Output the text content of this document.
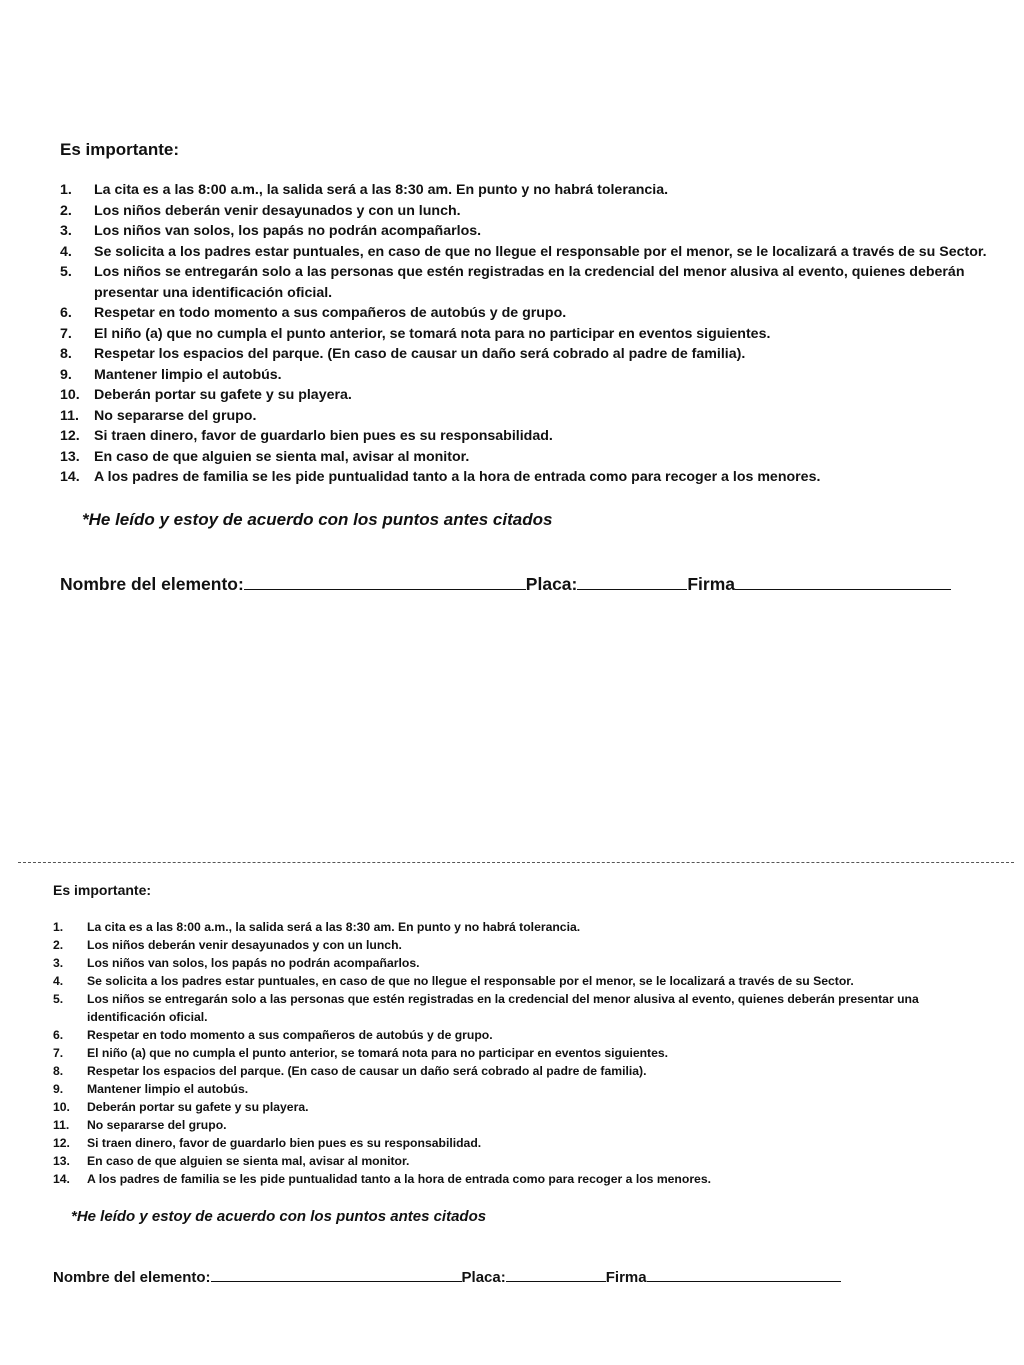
Es importante:
1.	La cita es a las 8:00 a.m., la salida será a las 8:30 am. En punto y no habrá tolerancia.
2.	Los niños deberán venir desayunados y con un lunch.
3.	Los niños van solos, los papás no podrán acompañarlos.
4.	Se solicita a los padres estar puntuales, en caso de que no llegue el responsable por el menor, se le localizará a través de su Sector.
5.	Los niños se entregarán solo a las personas que estén registradas en la credencial del menor alusiva al evento, quienes deberán presentar una identificación oficial.
6.	Respetar en todo momento a sus compañeros de autobús y de grupo.
7.	El niño (a) que no cumpla el punto anterior, se tomará nota para no participar en eventos siguientes.
8.	Respetar los espacios del parque. (En caso de causar un daño será cobrado al padre de familia).
9.	Mantener limpio el autobús.
10.	Deberán portar su gafete y su playera.
11.	No separarse del grupo.
12.	Si traen dinero, favor de guardarlo bien pues es su responsabilidad.
13.	En caso de que alguien se sienta mal, avisar al monitor.
14.	A los padres de familia se les pide puntualidad tanto a la hora de entrada como para recoger a los menores.
*He leído y estoy de acuerdo con los puntos antes citados
Nombre del elemento:	Placa:	Firma
Es importante:
1.	La cita es a las 8:00 a.m., la salida será a las 8:30 am. En punto y no habrá tolerancia.
2.	Los niños deberán venir desayunados y con un lunch.
3.	Los niños van solos, los papás no podrán acompañarlos.
4.	Se solicita a los padres estar puntuales, en caso de que no llegue el responsable por el menor, se le localizará a través de su Sector.
5.	Los niños se entregarán solo a las personas que estén registradas en la credencial del menor alusiva al evento, quienes deberán presentar una identificación oficial.
6.	Respetar en todo momento a sus compañeros de autobús y de grupo.
7.	El niño (a) que no cumpla el punto anterior, se tomará nota para no participar en eventos siguientes.
8.	Respetar los espacios del parque. (En caso de causar un daño será cobrado al padre de familia).
9.	Mantener limpio el autobús.
10.	Deberán portar su gafete y su playera.
11.	No separarse del grupo.
12.	Si traen dinero, favor de guardarlo bien pues es su responsabilidad.
13.	En caso de que alguien se sienta mal, avisar al monitor.
14.	A los padres de familia se les pide puntualidad tanto a la hora de entrada como para recoger a los menores.
*He leído y estoy de acuerdo con los puntos antes citados
Nombre del elemento:	Placa:	Firma
